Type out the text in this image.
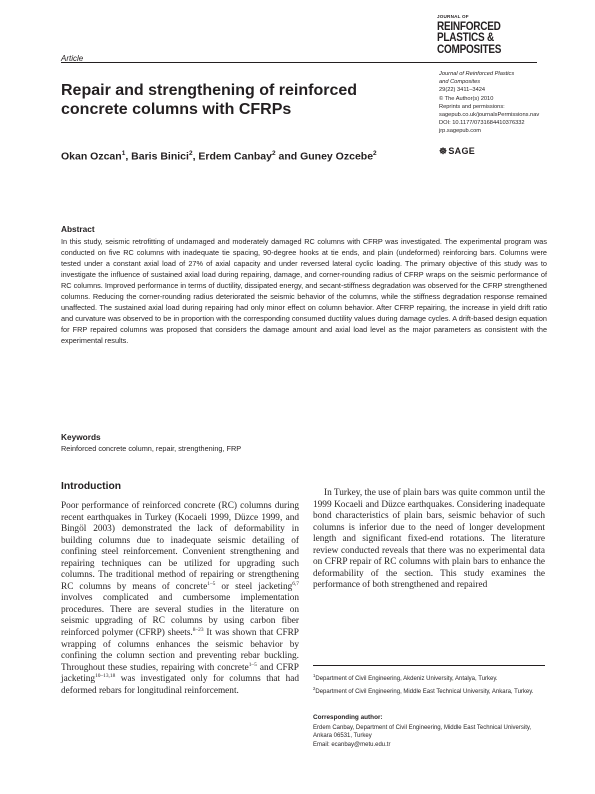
JOURNAL OF
REINFORCED
PLASTICS &
COMPOSITES
Article
Journal of Reinforced Plastics
and Composites
29(22) 3411–3424
© The Author(s) 2010
Reprints and permissions:
sagepub.co.uk/journalsPermissions.nav
DOI: 10.1177/0731684410376332
jrp.sagepub.com
☸SAGE
Repair and strengthening of reinforced concrete columns with CFRPs
Okan Ozcan$^1$, Baris Binici$^2$, Erdem Canbay$^2$ and Guney Ozcebe$^2$
Abstract
In this study, seismic retrofitting of undamaged and moderately damaged RC columns with CFRP was investigated. The experimental program was conducted on five RC columns with inadequate tie spacing, 90-degree hooks at tie ends, and plain (undeformed) reinforcing bars. Columns were tested under a constant axial load of 27% of axial capacity and under reversed lateral cyclic loading. The primary objective of this study was to investigate the influence of sustained axial load during repairing, damage, and corner-rounding radius of CFRP wraps on the seismic performance of RC columns. Improved performance in terms of ductility, dissipated energy, and secant-stiffness degradation was observed for the CFRP strengthened columns. Reducing the corner-rounding radius deteriorated the seismic behavior of the columns, while the stiffness degradation response remained unaffected. The sustained axial load during repairing had only minor effect on column behavior. After CFRP repairing, the increase in yield drift ratio and curvature was observed to be in proportion with the corresponding consumed ductility values during damage cycles. A drift-based design equation for FRP repaired columns was proposed that considers the damage amount and axial load level as the major parameters as consistent with the experimental results.
Keywords
Reinforced concrete column, repair, strengthening, FRP
Introduction

Poor performance of reinforced concrete (RC) columns during recent earthquakes in Turkey (Kocaeli 1999, Düzce 1999, and Bingöl 2003) demonstrated the lack of deformability in building columns due to inadequate seismic detailing of confining steel reinforcement. Convenient strengthening and repairing techniques can be utilized for upgrading such columns. The traditional method of repairing or strengthening RC columns by means of concrete$^{1-5}$ or steel jacketing$^{6,7}$ involves complicated and cumbersome implementation procedures. There are several studies in the literature on seismic upgrading of RC columns by using carbon fiber reinforced polymer (CFRP) sheets.$^{8-23}$ It was shown that CFRP wrapping of columns enhances the seismic behavior by confining the column section and preventing rebar buckling. Throughout these studies, repairing with concrete$^{1-5}$ and CFRP jacketing$^{10-13,18}$ was investigated only for columns that had deformed rebars for longitudinal reinforcement.

In Turkey, the use of plain bars was quite common until the 1999 Kocaeli and Düzce earthquakes. Considering inadequate bond characteristics of plain bars, seismic behavior of such columns is inferior due to the need of longer development length and significant fixed-end rotations. The literature review conducted reveals that there was no experimental data on CFRP repair of RC columns with plain bars to enhance the deformability of the section. This study examines the performance of both strengthened and repaired

$^1$Department of Civil Engineering, Akdeniz University, Antalya, Turkey.
$^2$Department of Civil Engineering, Middle East Technical University, Ankara, Turkey.
Corresponding author:
Erdem Canbay, Department of Civil Engineering, Middle East Technical University, Ankara 06531, Turkey
Email: ecanbay@metu.edu.tr
